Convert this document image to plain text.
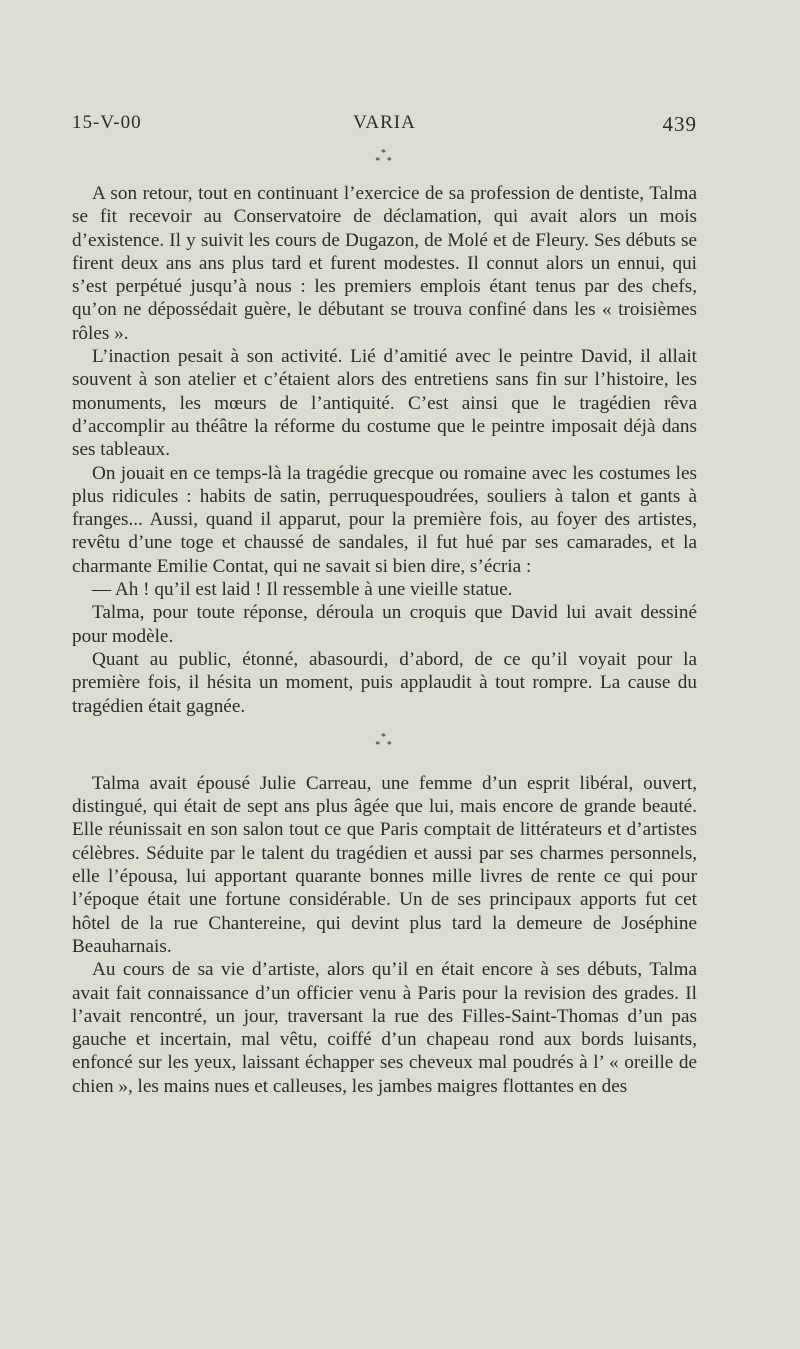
15-V-00	VARIA	439
*
* *

A son retour, tout en continuant l’exercice de sa profession de dentiste, Talma se fit recevoir au Conservatoire de déclamation, qui avait alors un mois d’existence. Il y suivit les cours de Dugazon, de Molé et de Fleury. Ses débuts se firent deux ans ans plus tard et furent modestes. Il connut alors un ennui, qui s’est perpétué jusqu’à nous : les premiers emplois étant tenus par des chefs, qu’on ne dépossédait guère, le débutant se trouva confiné dans les « troisièmes rôles ».

L’inaction pesait à son activité. Lié d’amitié avec le peintre David, il allait souvent à son atelier et c’étaient alors des entretiens sans fin sur l’histoire, les monuments, les mœurs de l’antiquité. C’est ainsi que le tragédien rêva d’accomplir au théâtre la réforme du costume que le peintre imposait déjà dans ses tableaux.

On jouait en ce temps-là la tragédie grecque ou romaine avec les costumes les plus ridicules : habits de satin, perruquespoudrées, souliers à talon et gants à franges... Aussi, quand il apparut, pour la première fois, au foyer des artistes, revêtu d’une toge et chaussé de sandales, il fut hué par ses camarades, et la charmante Emilie Contat, qui ne savait si bien dire, s’écria :

— Ah ! qu’il est laid ! Il ressemble à une vieille statue.

Talma, pour toute réponse, déroula un croquis que David lui avait dessiné pour modèle.

Quant au public, étonné, abasourdi, d’abord, de ce qu’il voyait pour la première fois, il hésita un moment, puis applaudit à tout rompre. La cause du tragédien était gagnée.

*
* *

Talma avait épousé Julie Carreau, une femme d’un esprit libéral, ouvert, distingué, qui était de sept ans plus âgée que lui, mais encore de grande beauté. Elle réunissait en son salon tout ce que Paris comptait de littérateurs et d’artistes célèbres. Séduite par le talent du tragédien et aussi par ses charmes personnels, elle l’épousa, lui apportant quarante bonnes mille livres de rente ce qui pour l’époque était une fortune considérable. Un de ses principaux apports fut cet hôtel de la rue Chantereine, qui devint plus tard la demeure de Joséphine Beauharnais.

Au cours de sa vie d’artiste, alors qu’il en était encore à ses débuts, Talma avait fait connaissance d’un officier venu à Paris pour la revision des grades. Il l’avait rencontré, un jour, traversant la rue des Filles-Saint-Thomas d’un pas gauche et incertain, mal vêtu, coiffé d’un chapeau rond aux bords luisants, enfoncé sur les yeux, laissant échapper ses cheveux mal poudrés à l’ « oreille de chien », les mains nues et calleuses, les jambes maigres flottantes en des
